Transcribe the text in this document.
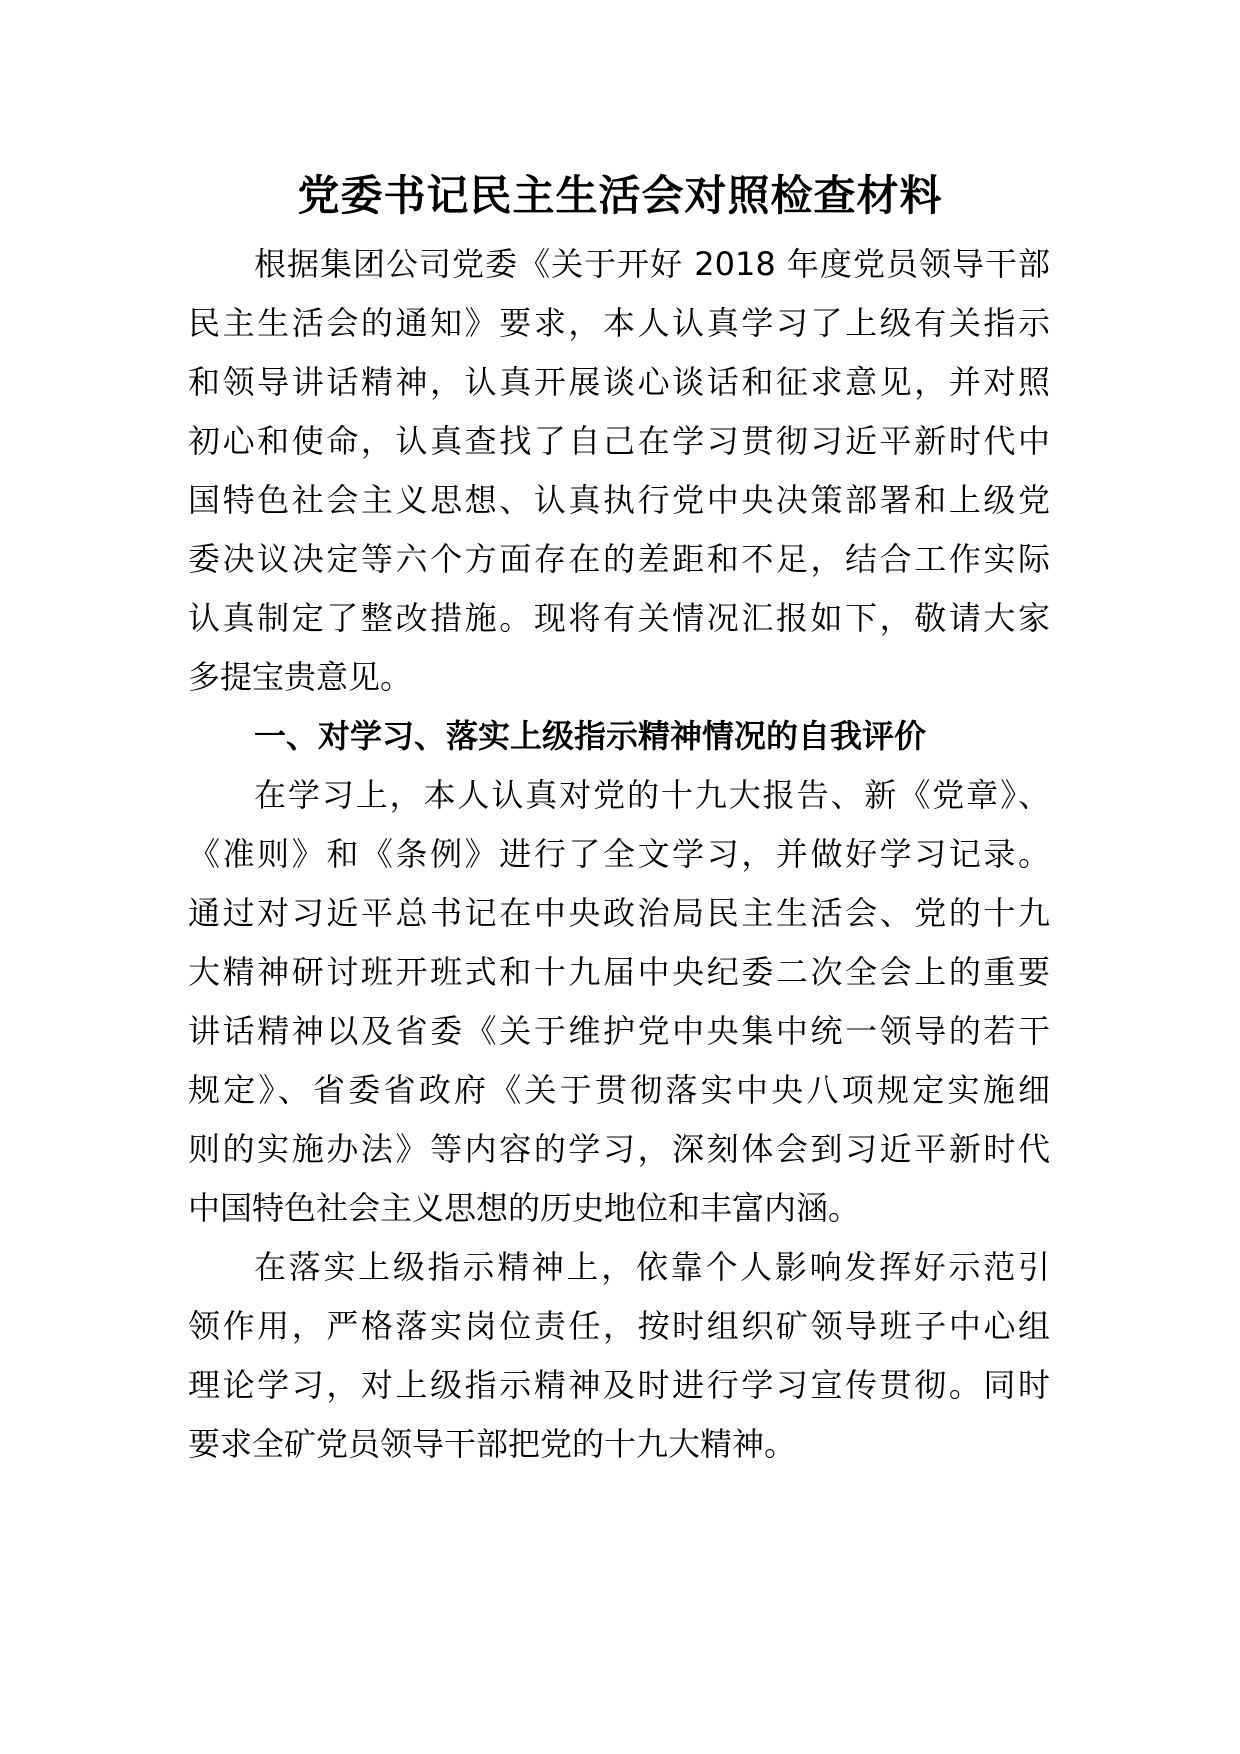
党委书记民主生活会对照检查材料
根据集团公司党委《关于开好 2018 年度党员领导干部
民主生活会的通知》要求，本人认真学习了上级有关指示
和领导讲话精神，认真开展谈心谈话和征求意见，并对照
初心和使命，认真查找了自己在学习贯彻习近平新时代中
国特色社会主义思想、认真执行党中央决策部署和上级党
委决议决定等六个方面存在的差距和不足，结合工作实际
认真制定了整改措施。现将有关情况汇报如下，敬请大家
多提宝贵意见。
一、对学习、落实上级指示精神情况的自我评价
在学习上，本人认真对党的十九大报告、新《党章》、
《准则》和《条例》进行了全文学习，并做好学习记录。
通过对习近平总书记在中央政治局民主生活会、党的十九
大精神研讨班开班式和十九届中央纪委二次全会上的重要
讲话精神以及省委《关于维护党中央集中统一领导的若干
规定》、省委省政府《关于贯彻落实中央八项规定实施细
则的实施办法》等内容的学习，深刻体会到习近平新时代
中国特色社会主义思想的历史地位和丰富内涵。
在落实上级指示精神上，依靠个人影响发挥好示范引
领作用，严格落实岗位责任，按时组织矿领导班子中心组
理论学习，对上级指示精神及时进行学习宣传贯彻。同时
要求全矿党员领导干部把党的十九大精神。
